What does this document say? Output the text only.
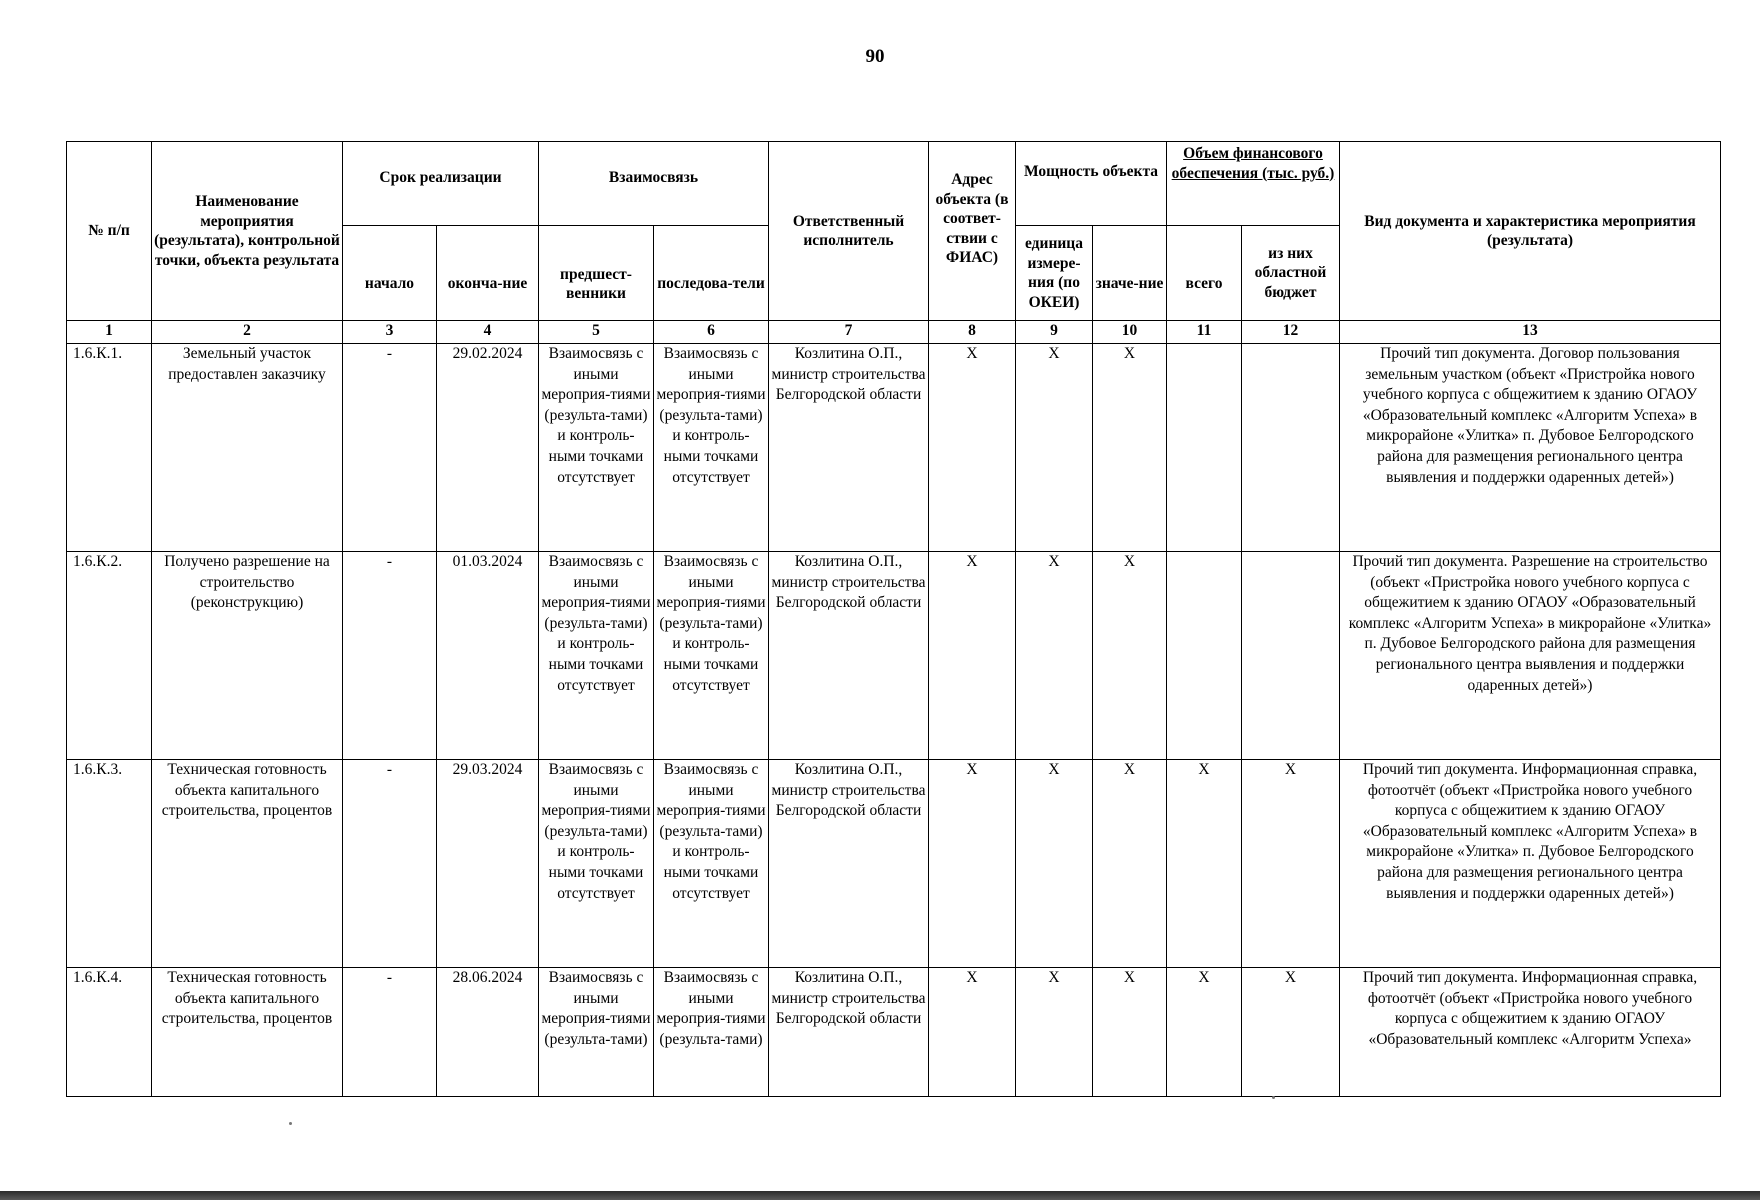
90
№ п/п	Наименование мероприятия (результата), контрольной точки, объекта результата	Срок реализации		Взаимосвязь		Ответственный исполнитель	Адрес объекта (в соответ-ствии с ФИАС)	Мощность объекта		Объем финансового обеспечения (тыс. руб.)		Вид документа и характеристика мероприятия (результата)
		начало	оконча-ние	предшест-венники	последова-тели			единица измере-ния (по ОКЕИ)	значе-ние	всего	из них областной бюджет	
1	2	3	4	5	6	7	8	9	10	11	12	13
1.6.К.1.	Земельный участок предоставлен заказчику	-	29.02.2024	Взаимосвязь с иными мероприя-тиями (результа-тами) и контроль-ными точками отсутствует	Взаимосвязь с иными мероприя-тиями (результа-тами) и контроль-ными точками отсутствует	Козлитина О.П., министр строительства Белгородской области	X	X	X			Прочий тип документа. Договор пользования земельным участком (объект «Пристройка нового учебного корпуса с общежитием к зданию ОГАОУ «Образовательный комплекс «Алгоритм Успеха» в микрорайоне «Улитка» п. Дубовое Белгородского района для размещения регионального центра выявления и поддержки одаренных детей»)
1.6.К.2.	Получено разрешение на строительство (реконструкцию)	-	01.03.2024	Взаимосвязь с иными мероприя-тиями (результа-тами) и контроль-ными точками отсутствует	Взаимосвязь с иными мероприя-тиями (результа-тами) и контроль-ными точками отсутствует	Козлитина О.П., министр строительства Белгородской области	X	X	X			Прочий тип документа. Разрешение на строительство (объект «Пристройка нового учебного корпуса с общежитием к зданию ОГАОУ «Образовательный комплекс «Алгоритм Успеха» в микрорайоне «Улитка» п. Дубовое Белгородского района для размещения регионального центра выявления и поддержки одаренных детей»)
1.6.К.3.	Техническая готовность объекта капитального строительства, процентов	-	29.03.2024	Взаимосвязь с иными мероприя-тиями (результа-тами) и контроль-ными точками отсутствует	Взаимосвязь с иными мероприя-тиями (результа-тами) и контроль-ными точками отсутствует	Козлитина О.П., министр строительства Белгородской области	X	X	X	X	X	Прочий тип документа. Информационная справка, фотоотчёт (объект «Пристройка нового учебного корпуса с общежитием к зданию ОГАОУ «Образовательный комплекс «Алгоритм Успеха» в микрорайоне «Улитка» п. Дубовое Белгородского района для размещения регионального центра выявления и поддержки одаренных детей»)
1.6.К.4.	Техническая готовность объекта капитального строительства, процентов	-	28.06.2024	Взаимосвязь с иными мероприя-тиями (результа-тами)	Взаимосвязь с иными мероприя-тиями (результа-тами)	Козлитина О.П., министр строительства Белгородской области	X	X	X	X	X	Прочий тип документа. Информационная справка, фотоотчёт (объект «Пристройка нового учебного корпуса с общежитием к зданию ОГАОУ «Образовательный комплекс «Алгоритм Успеха»
